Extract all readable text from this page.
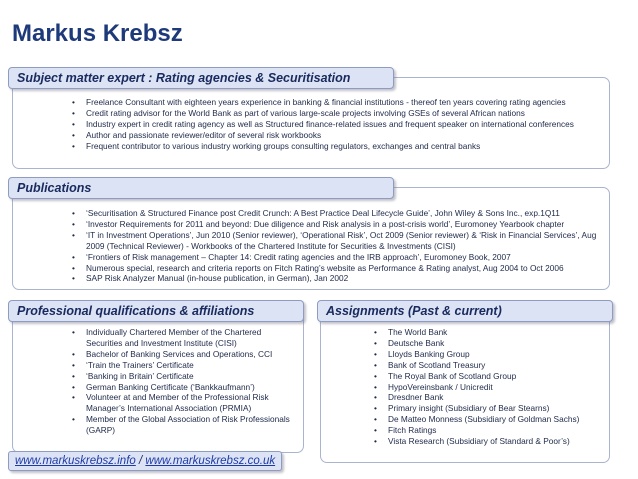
Markus Krebsz
Subject matter expert : Rating agencies & Securitisation
• Freelance Consultant with eighteen years experience in banking & financial institutions - thereof ten years covering rating agencies
• Credit rating advisor for the World Bank as part of various large-scale projects involving GSEs of several African nations
• Industry expert in credit rating agency as well as Structured finance-related issues and frequent speaker on international conferences
• Author and passionate reviewer/editor of several risk workbooks
• Frequent contributor to various industry working groups consulting regulators, exchanges and central banks
Publications
• ‘Securitisation & Structured Finance post Credit Crunch: A Best Practice Deal Lifecycle Guide’, John Wiley & Sons Inc., exp.1Q11
• ‘Investor Requirements for 2011 and beyond: Due diligence and Risk analysis in a post-crisis world’, Euromoney Yearbook chapter
• ‘IT in Investment Operations’, Jun 2010 (Senior reviewer), ‘Operational Risk’, Oct 2009 (Senior reviewer) & ‘Risk in Financial Services’, Aug 2009 (Technical Reviewer) - Workbooks of the Chartered Institute for Securities & Investments (CISI)
• ‘Frontiers of Risk management – Chapter 14: Credit rating agencies and the IRB approach’, Euromoney Book, 2007
• Numerous special, research and criteria reports on Fitch Rating’s website as Performance & Rating analyst, Aug 2004 to Oct 2006
• SAP Risk Analyzer Manual (in-house publication, in German), Jan 2002
Professional qualifications & affiliations
• Individually Chartered Member of the Chartered Securities and Investment Institute (CISI)
• Bachelor of Banking Services and Operations, CCI
• ‘Train the Trainers’ Certificate
• ‘Banking in Britain’ Certificate
• German Banking Certificate (‘Bankkaufmann’)
• Volunteer at and Member of the Professional Risk Manager’s International Association (PRMIA)
• Member of the Global Association of Risk Professionals (GARP)
Assignments (Past & current)
• The World Bank
• Deutsche Bank
• Lloyds Banking Group
• Bank of Scotland Treasury
• The Royal Bank of Scotland Group
• HypoVereinsbank / Unicredit
• Dresdner Bank
• Primary insight (Subsidiary of Bear Stearns)
• De Matteo Monness (Subsidiary of Goldman Sachs)
• Fitch Ratings
• Vista Research (Subsidiary of Standard & Poor’s)
www.markuskrebsz.info / www.markuskrebsz.co.uk
